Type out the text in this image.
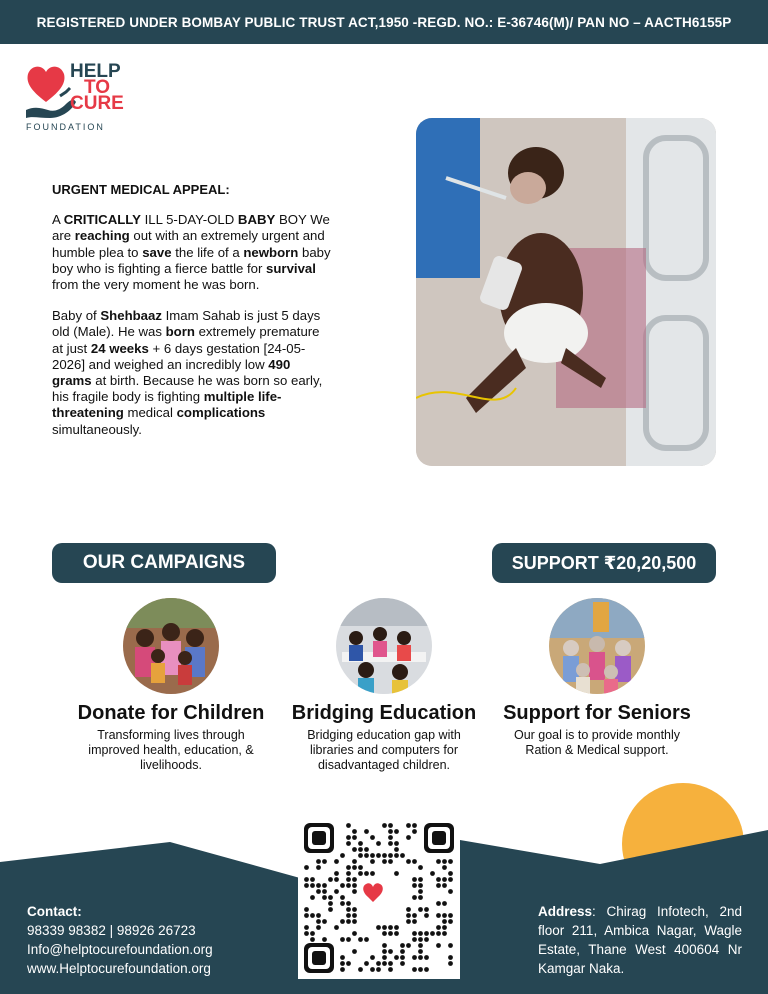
REGISTERED UNDER BOMBAY PUBLIC TRUST ACT,1950 -REGD. NO.: E-36746(M)/ PAN NO – AACTH6155P
HELP
TO
CURE
FOUNDATION
URGENT MEDICAL APPEAL:

A CRITICALLY ILL 5-DAY-OLD BABY BOY We are reaching out with an extremely urgent and humble plea to save the life of a newborn baby boy who is fighting a fierce battle for survival from the very moment he was born.

Baby of Shehbaaz Imam Sahab is just 5 days old (Male). He was born extremely premature at just 24 weeks + 6 days gestation [24-05-2026] and weighed an incredibly low 490 grams at birth. Because he was born so early, his fragile body is fighting multiple life-threatening medical complications simultaneously.

OUR CAMPAIGNS	SUPPORT ₹20,20,500
Donate for Children
Transforming lives through improved health, education, & livelihoods.
Bridging Education
Bridging education gap with libraries and computers for disadvantaged children.
Support for Seniors
Our goal is to provide monthly Ration & Medical support.
Contact:
98339 98382 | 98926 26723
Info@helptocurefoundation.org
www.Helptocurefoundation.org
Address: Chirag Infotech, 2nd floor 211, Ambica Nagar, Wagle Estate, Thane West 400604 Nr Kamgar Naka.
